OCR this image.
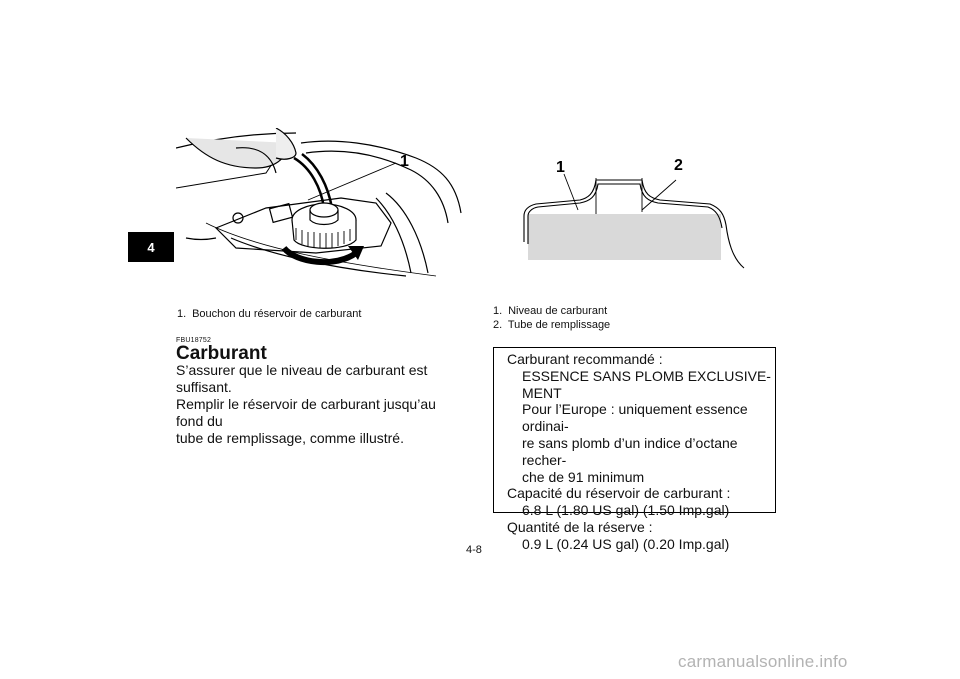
4
1
1. Bouchon du réservoir de carburant
FBU18752
Carburant
S’assurer que le niveau de carburant est suffisant.
Remplir le réservoir de carburant jusqu’au fond du
tube de remplissage, comme illustré.
1	2
1. Niveau de carburant
2. Tube de remplissage
Carburant recommandé :
ESSENCE SANS PLOMB EXCLUSIVE-
MENT
Pour l’Europe : uniquement essence ordinai-
re sans plomb d’un indice d’octane recher-
che de 91 minimum
Capacité du réservoir de carburant :
6.8 L (1.80 US gal) (1.50 Imp.gal)
Quantité de la réserve :
0.9 L (0.24 US gal) (0.20 Imp.gal)
4-8
carmanualsonline.info
